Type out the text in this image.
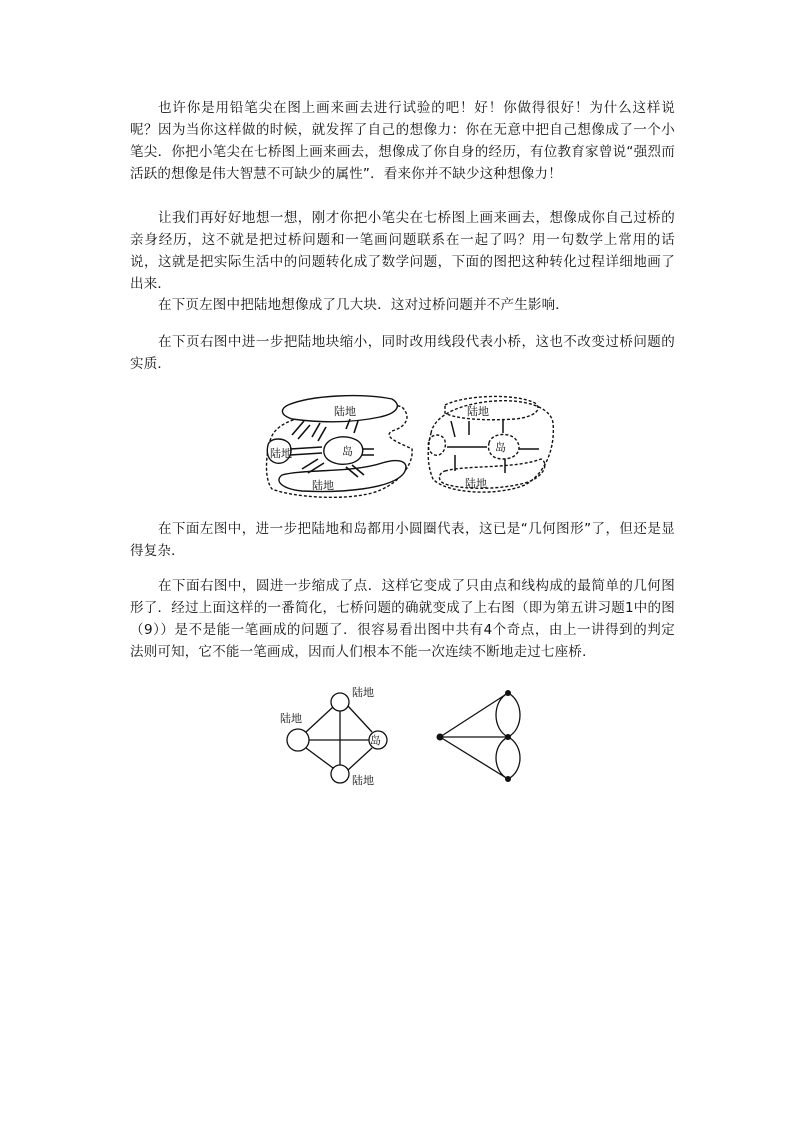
也许你是用铅笔尖在图上画来画去进行试验的吧！好！你做得很好！为什么这样说呢？因为当你这样做的时候，就发挥了自己的想像力：你在无意中把自己想像成了一个小笔尖．你把小笔尖在七桥图上画来画去，想像成了你自身的经历，有位教育家曾说“强烈而活跃的想像是伟大智慧不可缺少的属性”．看来你并不缺少这种想像力！

让我们再好好地想一想，刚才你把小笔尖在七桥图上画来画去，想像成你自己过桥的亲身经历，这不就是把过桥问题和一笔画问题联系在一起了吗？用一句数学上常用的话说，这就是把实际生活中的问题转化成了数学问题，下面的图把这种转化过程详细地画了出来．

在下页左图中把陆地想像成了几大块．这对过桥问题并不产生影响．

在下页右图中进一步把陆地块缩小，同时改用线段代表小桥，这也不改变过桥问题的实质．

陆地
陆地	岛
陆地
陆地
岛
陆地

在下面左图中，进一步把陆地和岛都用小圆圈代表，这已是“几何图形”了，但还是显得复杂．

在下面右图中，圆进一步缩成了点．这样它变成了只由点和线构成的最简单的几何图形了．经过上面这样的一番简化，七桥问题的确就变成了上右图（即为第五讲习题1中的图（9））是不是能一笔画成的问题了．很容易看出图中共有4个奇点，由上一讲得到的判定法则可知，它不能一笔画成，因而人们根本不能一次连续不断地走过七座桥．

陆地
陆地
岛
陆地
